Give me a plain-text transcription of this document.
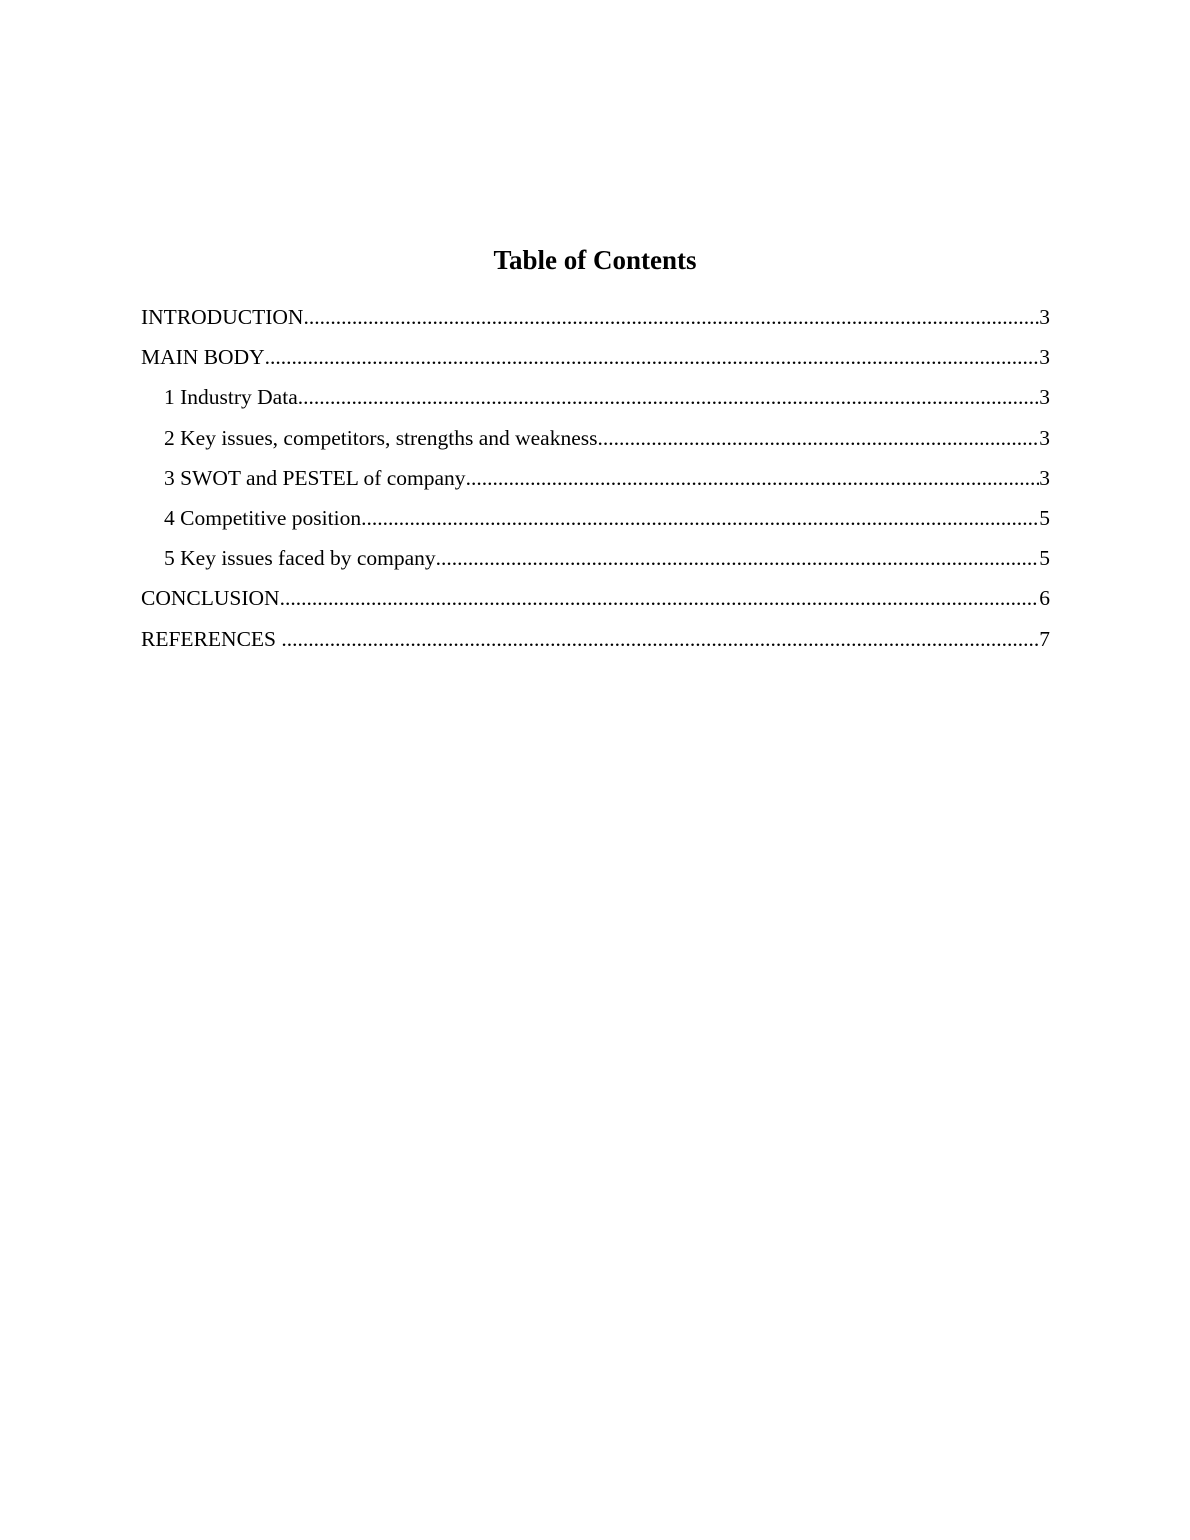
Table of Contents
INTRODUCTION .....	3
MAIN BODY .....	3
1 Industry Data .....	3
2 Key issues, competitors, strengths and weakness .....	3
3 SWOT and PESTEL of company .....	3
4 Competitive position .....	5
5 Key issues faced by company .....	5
CONCLUSION .....	6
REFERENCES .....	7
